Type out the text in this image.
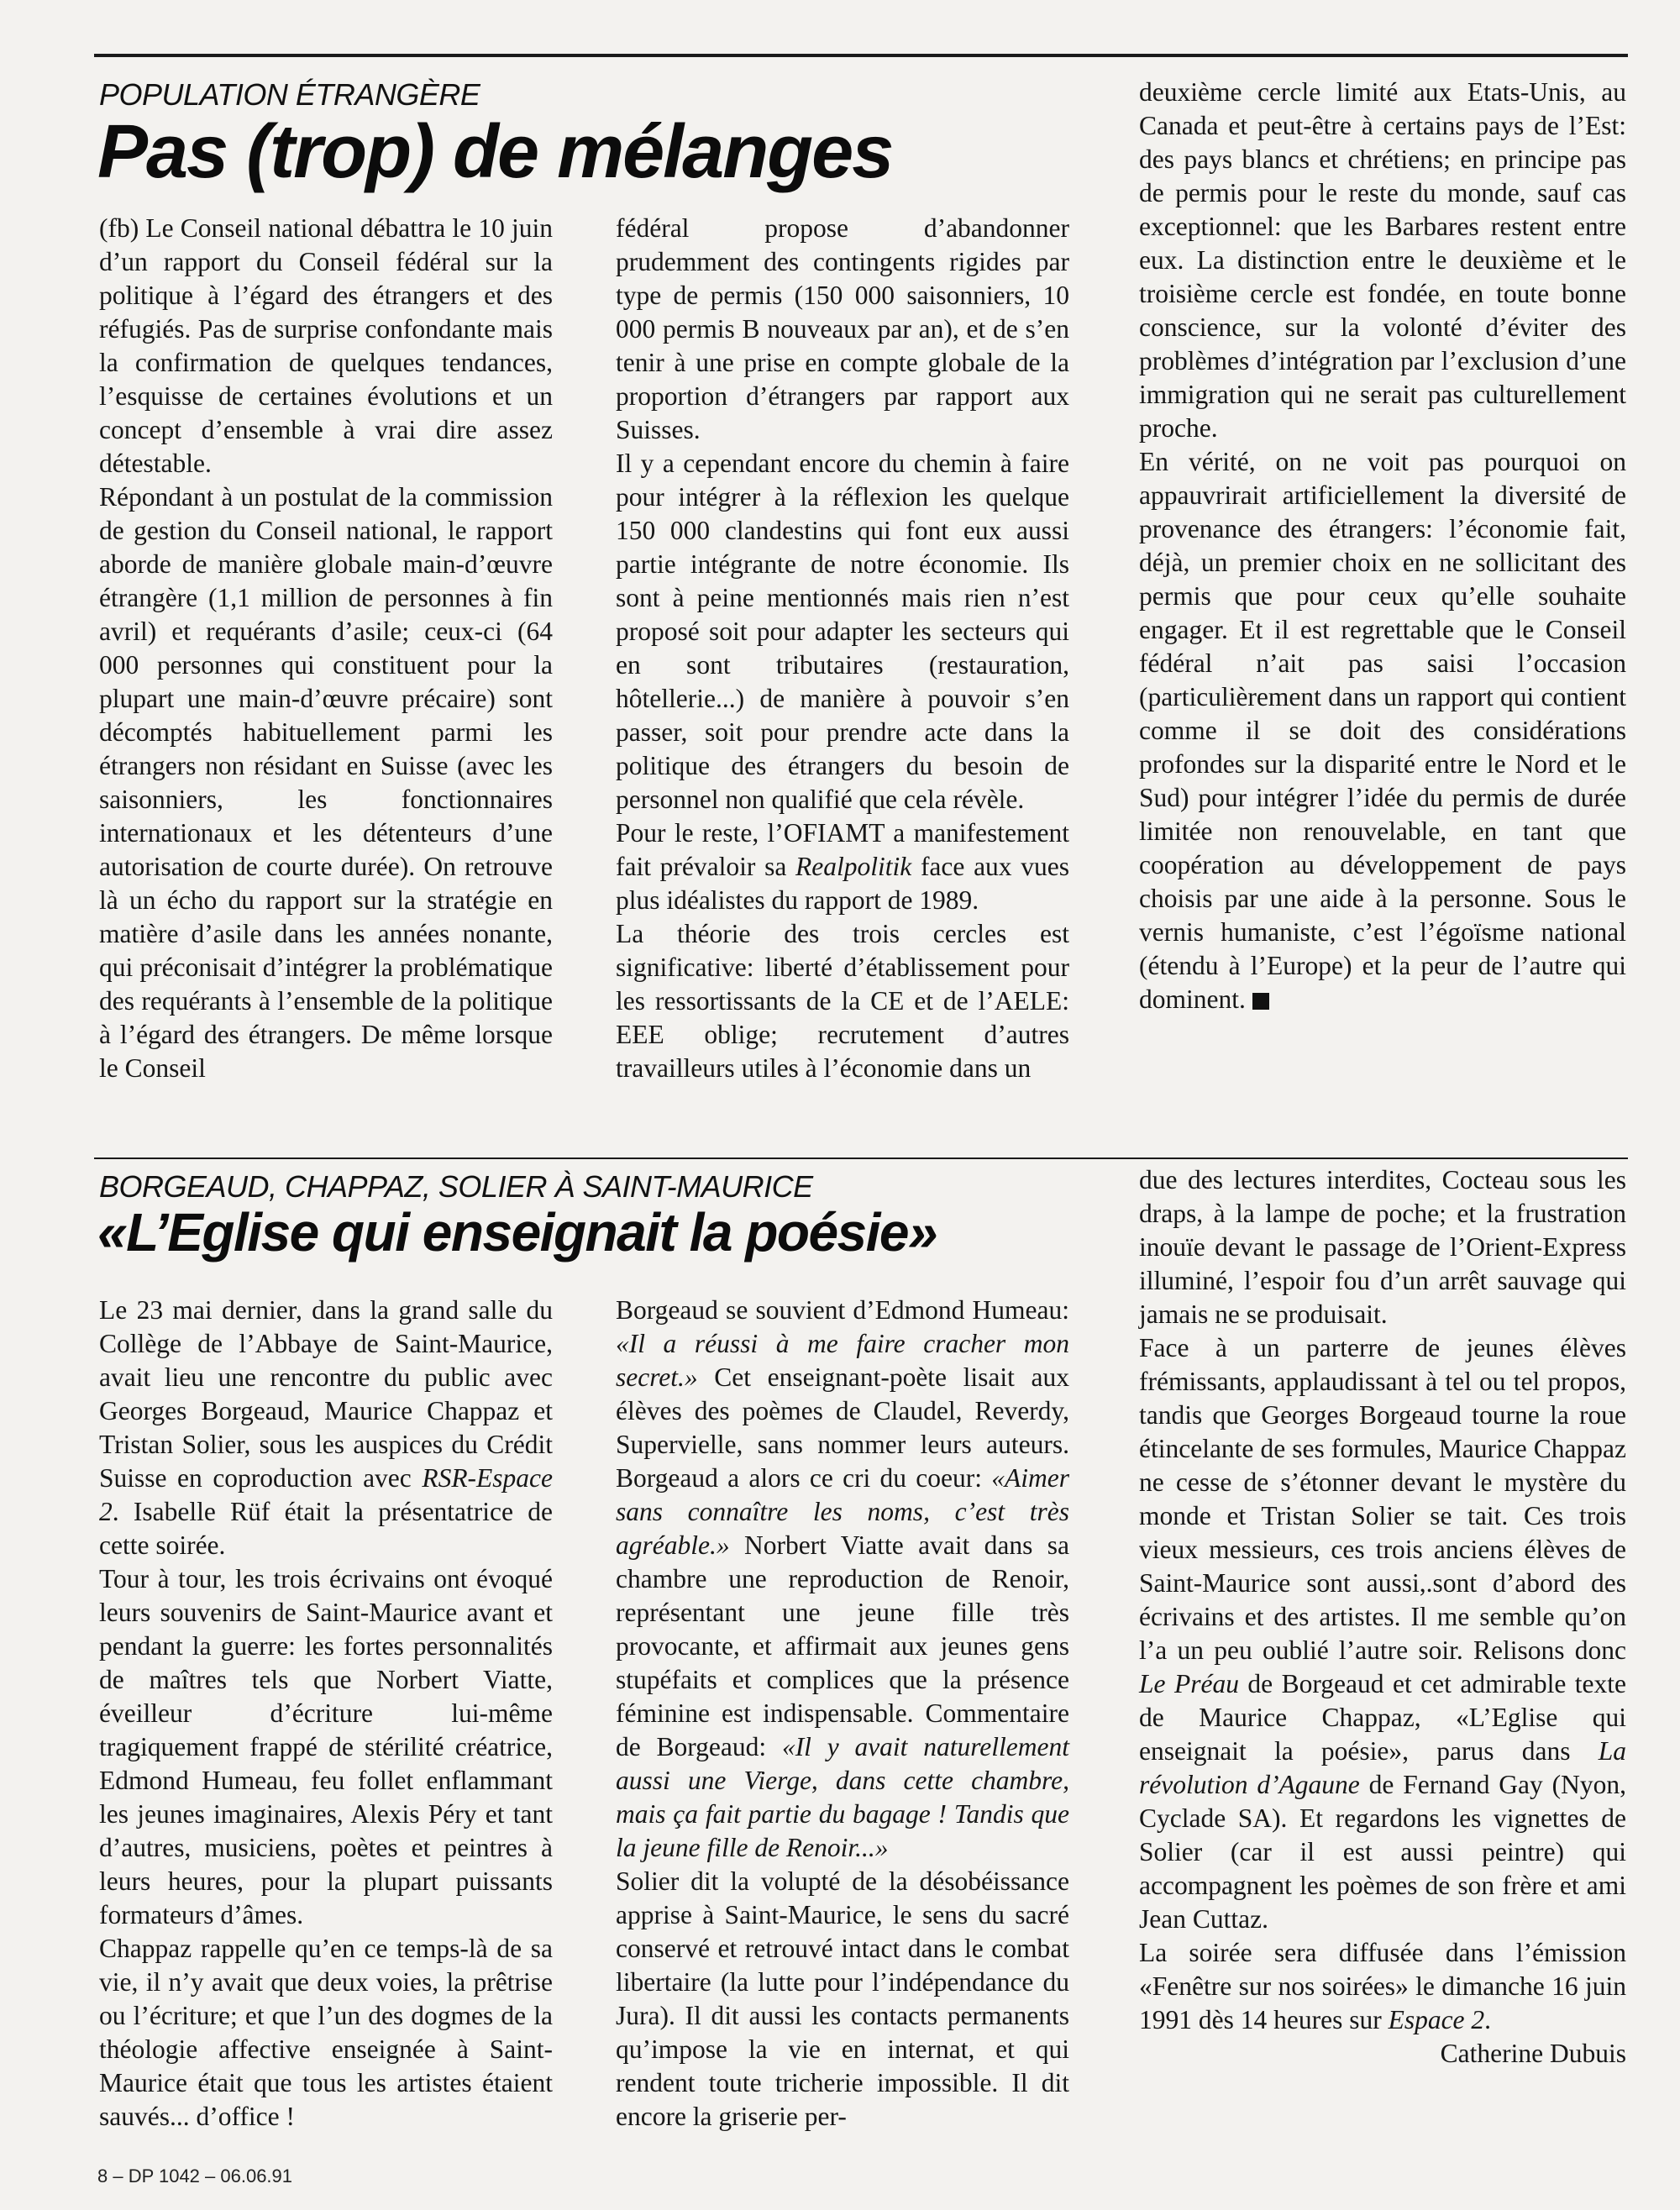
POPULATION ÉTRANGÈRE
Pas (trop) de mélanges

(fb) Le Conseil national débattra le 10 juin d’un rapport du Conseil fédéral sur la politique à l’égard des étrangers et des réfugiés. Pas de surprise confondante mais la confirmation de quelques tendances, l’esquisse de certaines évolutions et un concept d’ensemble à vrai dire assez détestable.

Répondant à un postulat de la commission de gestion du Conseil national, le rapport aborde de manière globale main-d’œuvre étrangère (1,1 million de personnes à fin avril) et requérants d’asile; ceux-ci (64 000 personnes qui constituent pour la plupart une main-d’œuvre précaire) sont décomptés habituellement parmi les étrangers non résidant en Suisse (avec les saisonniers, les fonctionnaires internationaux et les détenteurs d’une autorisation de courte durée). On retrouve là un écho du rapport sur la stratégie en matière d’asile dans les années nonante, qui préconisait d’intégrer la problématique des requérants à l’ensemble de la politique à l’égard des étrangers. De même lorsque le Conseil

fédéral propose d’abandonner prudemment des contingents rigides par type de permis (150 000 saisonniers, 10 000 permis B nouveaux par an), et de s’en tenir à une prise en compte globale de la proportion d’étrangers par rapport aux Suisses.

Il y a cependant encore du chemin à faire pour intégrer à la réflexion les quelque 150 000 clandestins qui font eux aussi partie intégrante de notre économie. Ils sont à peine mentionnés mais rien n’est proposé soit pour adapter les secteurs qui en sont tributaires (restauration, hôtellerie...) de manière à pouvoir s’en passer, soit pour prendre acte dans la politique des étrangers du besoin de personnel non qualifié que cela révèle.

Pour le reste, l’OFIAMT a manifestement fait prévaloir sa Realpolitik face aux vues plus idéalistes du rapport de 1989.

La théorie des trois cercles est significative: liberté d’établissement pour les ressortissants de la CE et de l’AELE: EEE oblige; recrutement d’autres travailleurs utiles à l’économie dans un

deuxième cercle limité aux Etats-Unis, au Canada et peut-être à certains pays de l’Est: des pays blancs et chrétiens; en principe pas de permis pour le reste du monde, sauf cas exceptionnel: que les Barbares restent entre eux. La distinction entre le deuxième et le troisième cercle est fondée, en toute bonne conscience, sur la volonté d’éviter des problèmes d’intégration par l’exclusion d’une immigration qui ne serait pas culturellement proche.

En vérité, on ne voit pas pourquoi on appauvrirait artificiellement la diversité de provenance des étrangers: l’économie fait, déjà, un premier choix en ne sollicitant des permis que pour ceux qu’elle souhaite engager. Et il est regrettable que le Conseil fédéral n’ait pas saisi l’occasion (particulièrement dans un rapport qui contient comme il se doit des considérations profondes sur la disparité entre le Nord et le Sud) pour intégrer l’idée du permis de durée limitée non renouvelable, en tant que coopération au développement de pays choisis par une aide à la personne. Sous le vernis humaniste, c’est l’égoïsme national (étendu à l’Europe) et la peur de l’autre qui dominent.

BORGEAUD, CHAPPAZ, SOLIER À SAINT-MAURICE
«L’Eglise qui enseignait la poésie»

Le 23 mai dernier, dans la grand salle du Collège de l’Abbaye de Saint-Maurice, avait lieu une rencontre du public avec Georges Borgeaud, Maurice Chappaz et Tristan Solier, sous les auspices du Crédit Suisse en coproduction avec RSR-Espace 2. Isabelle Rüf était la présentatrice de cette soirée.

Tour à tour, les trois écrivains ont évoqué leurs souvenirs de Saint-Maurice avant et pendant la guerre: les fortes personnalités de maîtres tels que Norbert Viatte, éveilleur d’écriture lui-même tragiquement frappé de stérilité créatrice, Edmond Humeau, feu follet enflammant les jeunes imaginaires, Alexis Péry et tant d’autres, musiciens, poètes et peintres à leurs heures, pour la plupart puissants formateurs d’âmes.

Chappaz rappelle qu’en ce temps-là de sa vie, il n’y avait que deux voies, la prêtrise ou l’écriture; et que l’un des dogmes de la théologie affective enseignée à Saint-Maurice était que tous les artistes étaient sauvés... d’office !

Borgeaud se souvient d’Edmond Humeau: «Il a réussi à me faire cracher mon secret.» Cet enseignant-poète lisait aux élèves des poèmes de Claudel, Reverdy, Supervielle, sans nommer leurs auteurs. Borgeaud a alors ce cri du coeur: «Aimer sans connaître les noms, c’est très agréable.» Norbert Viatte avait dans sa chambre une reproduction de Renoir, représentant une jeune fille très provocante, et affirmait aux jeunes gens stupéfaits et complices que la présence féminine est indispensable. Commentaire de Borgeaud: «Il y avait naturellement aussi une Vierge, dans cette chambre, mais ça fait partie du bagage ! Tandis que la jeune fille de Renoir...»

Solier dit la volupté de la désobéissance apprise à Saint-Maurice, le sens du sacré conservé et retrouvé intact dans le combat libertaire (la lutte pour l’indépendance du Jura). Il dit aussi les contacts permanents qu’impose la vie en internat, et qui rendent toute tricherie impossible. Il dit encore la griserie per-

due des lectures interdites, Cocteau sous les draps, à la lampe de poche; et la frustration inouïe devant le passage de l’Orient-Express illuminé, l’espoir fou d’un arrêt sauvage qui jamais ne se produisait.

Face à un parterre de jeunes élèves frémissants, applaudissant à tel ou tel propos, tandis que Georges Borgeaud tourne la roue étincelante de ses formules, Maurice Chappaz ne cesse de s’étonner devant le mystère du monde et Tristan Solier se tait. Ces trois vieux messieurs, ces trois anciens élèves de Saint-Maurice sont aussi,.sont d’abord des écrivains et des artistes. Il me semble qu’on l’a un peu oublié l’autre soir. Relisons donc Le Préau de Borgeaud et cet admirable texte de Maurice Chappaz, «L’Eglise qui enseignait la poésie», parus dans La révolution d’Agaune de Fernand Gay (Nyon, Cyclade SA). Et regardons les vignettes de Solier (car il est aussi peintre) qui accompagnent les poèmes de son frère et ami Jean Cuttaz.

La soirée sera diffusée dans l’émission «Fenêtre sur nos soirées» le dimanche 16 juin 1991 dès 14 heures sur Espace 2.

Catherine Dubuis

8 – DP 1042 – 06.06.91
